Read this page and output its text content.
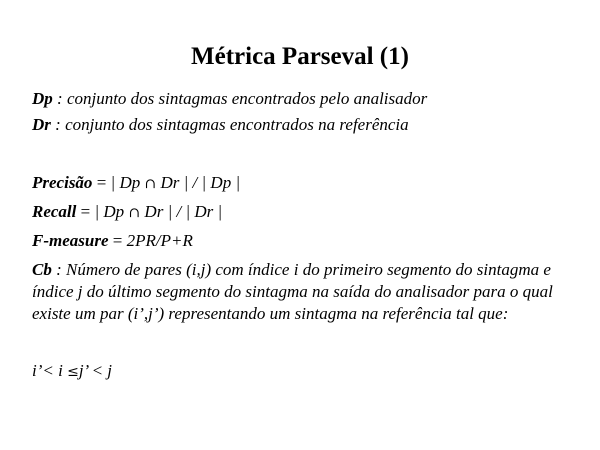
Métrica Parseval (1)
Dp : conjunto dos sintagmas encontrados pelo analisador
Dr : conjunto dos sintagmas encontrados na referência
Precisão = | Dp ∩ Dr | / | Dp |
Recall = | Dp ∩ Dr | / | Dr |
F-measure = 2PR/P+R
Cb : Número de pares (i,j) com índice i do primeiro segmento do sintagma e índice j do último segmento do sintagma na saída do analisador para o qual existe um par (i’,j’) representando um sintagma na referência tal que:
i’< i ≤j’ < j
